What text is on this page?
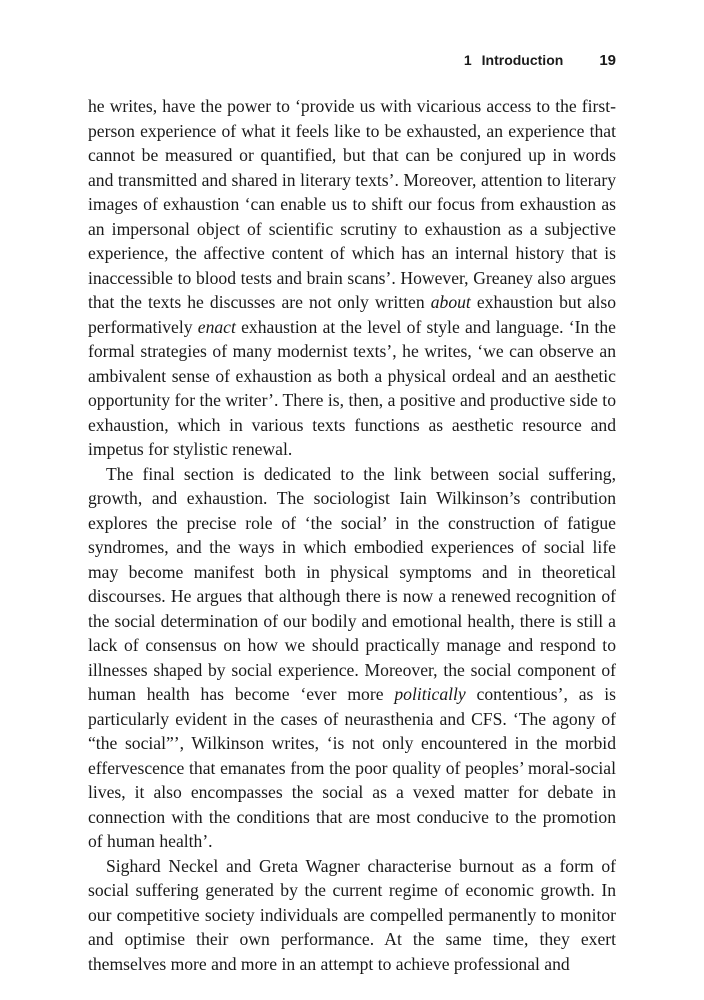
1 Introduction 19

he writes, have the power to ‘provide us with vicarious access to the first-person experience of what it feels like to be exhausted, an experience that cannot be measured or quantified, but that can be conjured up in words and transmitted and shared in literary texts’. Moreover, attention to literary images of exhaustion ‘can enable us to shift our focus from exhaustion as an impersonal object of scientific scrutiny to exhaustion as a subjective experience, the affective content of which has an internal history that is inaccessible to blood tests and brain scans’. However, Greaney also argues that the texts he discusses are not only written about exhaustion but also performatively enact exhaustion at the level of style and language. ‘In the formal strategies of many modernist texts’, he writes, ‘we can observe an ambivalent sense of exhaustion as both a physical ordeal and an aesthetic opportunity for the writer’. There is, then, a positive and productive side to exhaustion, which in various texts functions as aesthetic resource and impetus for stylistic renewal.

The final section is dedicated to the link between social suffering, growth, and exhaustion. The sociologist Iain Wilkinson’s contribution explores the precise role of ‘the social’ in the construction of fatigue syndromes, and the ways in which embodied experiences of social life may become manifest both in physical symptoms and in theoretical discourses. He argues that although there is now a renewed recognition of the social determination of our bodily and emotional health, there is still a lack of consensus on how we should practically manage and respond to illnesses shaped by social experience. Moreover, the social component of human health has become ‘ever more politically contentious’, as is particularly evident in the cases of neurasthenia and CFS. ‘The agony of “the social”’, Wilkinson writes, ‘is not only encountered in the morbid effervescence that emanates from the poor quality of peoples’ moral-social lives, it also encompasses the social as a vexed matter for debate in connection with the conditions that are most conducive to the promotion of human health’.

Sighard Neckel and Greta Wagner characterise burnout as a form of social suffering generated by the current regime of economic growth. In our competitive society individuals are compelled permanently to monitor and optimise their own performance. At the same time, they exert themselves more and more in an attempt to achieve professional and
